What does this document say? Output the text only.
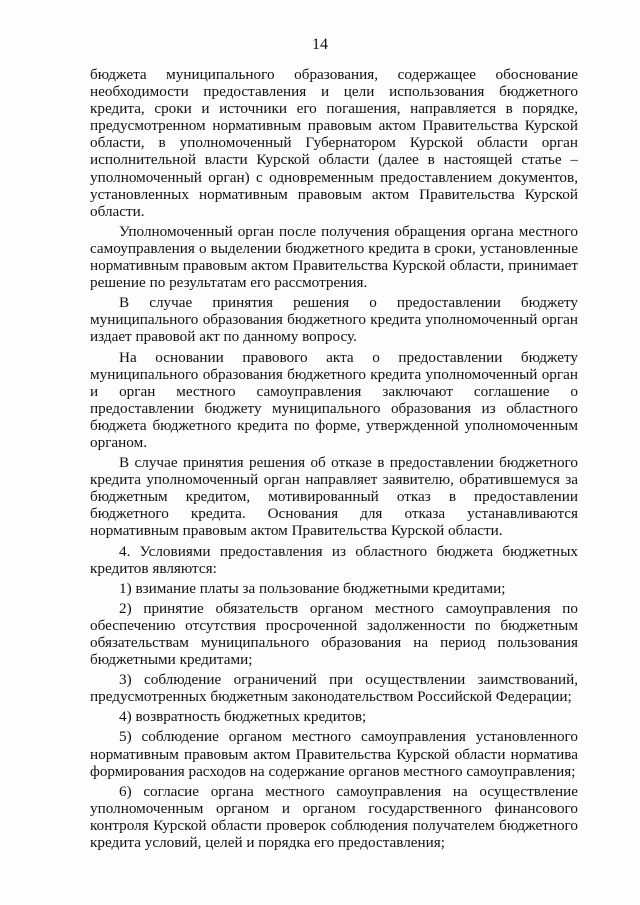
14

бюджета муниципального образования, содержащее обоснование необходимости предоставления и цели использования бюджетного кредита, сроки и источники его погашения, направляется в порядке, предусмотренном нормативным правовым актом Правительства Курской области, в уполномоченный Губернатором Курской области орган исполнительной власти Курской области (далее в настоящей статье – уполномоченный орган) с одновременным предоставлением документов, установленных нормативным правовым актом Правительства Курской области.

Уполномоченный орган после получения обращения органа местного самоуправления о выделении бюджетного кредита в сроки, установленные нормативным правовым актом Правительства Курской области, принимает решение по результатам его рассмотрения.

В случае принятия решения о предоставлении бюджету муниципального образования бюджетного кредита уполномоченный орган издает правовой акт по данному вопросу.

На основании правового акта о предоставлении бюджету муниципального образования бюджетного кредита уполномоченный орган и орган местного самоуправления заключают соглашение о предоставлении бюджету муниципального образования из областного бюджета бюджетного кредита по форме, утвержденной уполномоченным органом.

В случае принятия решения об отказе в предоставлении бюджетного кредита уполномоченный орган направляет заявителю, обратившемуся за бюджетным кредитом, мотивированный отказ в предоставлении бюджетного кредита. Основания для отказа устанавливаются нормативным правовым актом Правительства Курской области.

4. Условиями предоставления из областного бюджета бюджетных кредитов являются:

1) взимание платы за пользование бюджетными кредитами;

2) принятие обязательств органом местного самоуправления по обеспечению отсутствия просроченной задолженности по бюджетным обязательствам муниципального образования на период пользования бюджетными кредитами;

3) соблюдение ограничений при осуществлении заимствований, предусмотренных бюджетным законодательством Российской Федерации;

4) возвратность бюджетных кредитов;

5) соблюдение органом местного самоуправления установленного нормативным правовым актом Правительства Курской области норматива формирования расходов на содержание органов местного самоуправления;

6) согласие органа местного самоуправления на осуществление уполномоченным органом и органом государственного финансового контроля Курской области проверок соблюдения получателем бюджетного кредита условий, целей и порядка его предоставления;
